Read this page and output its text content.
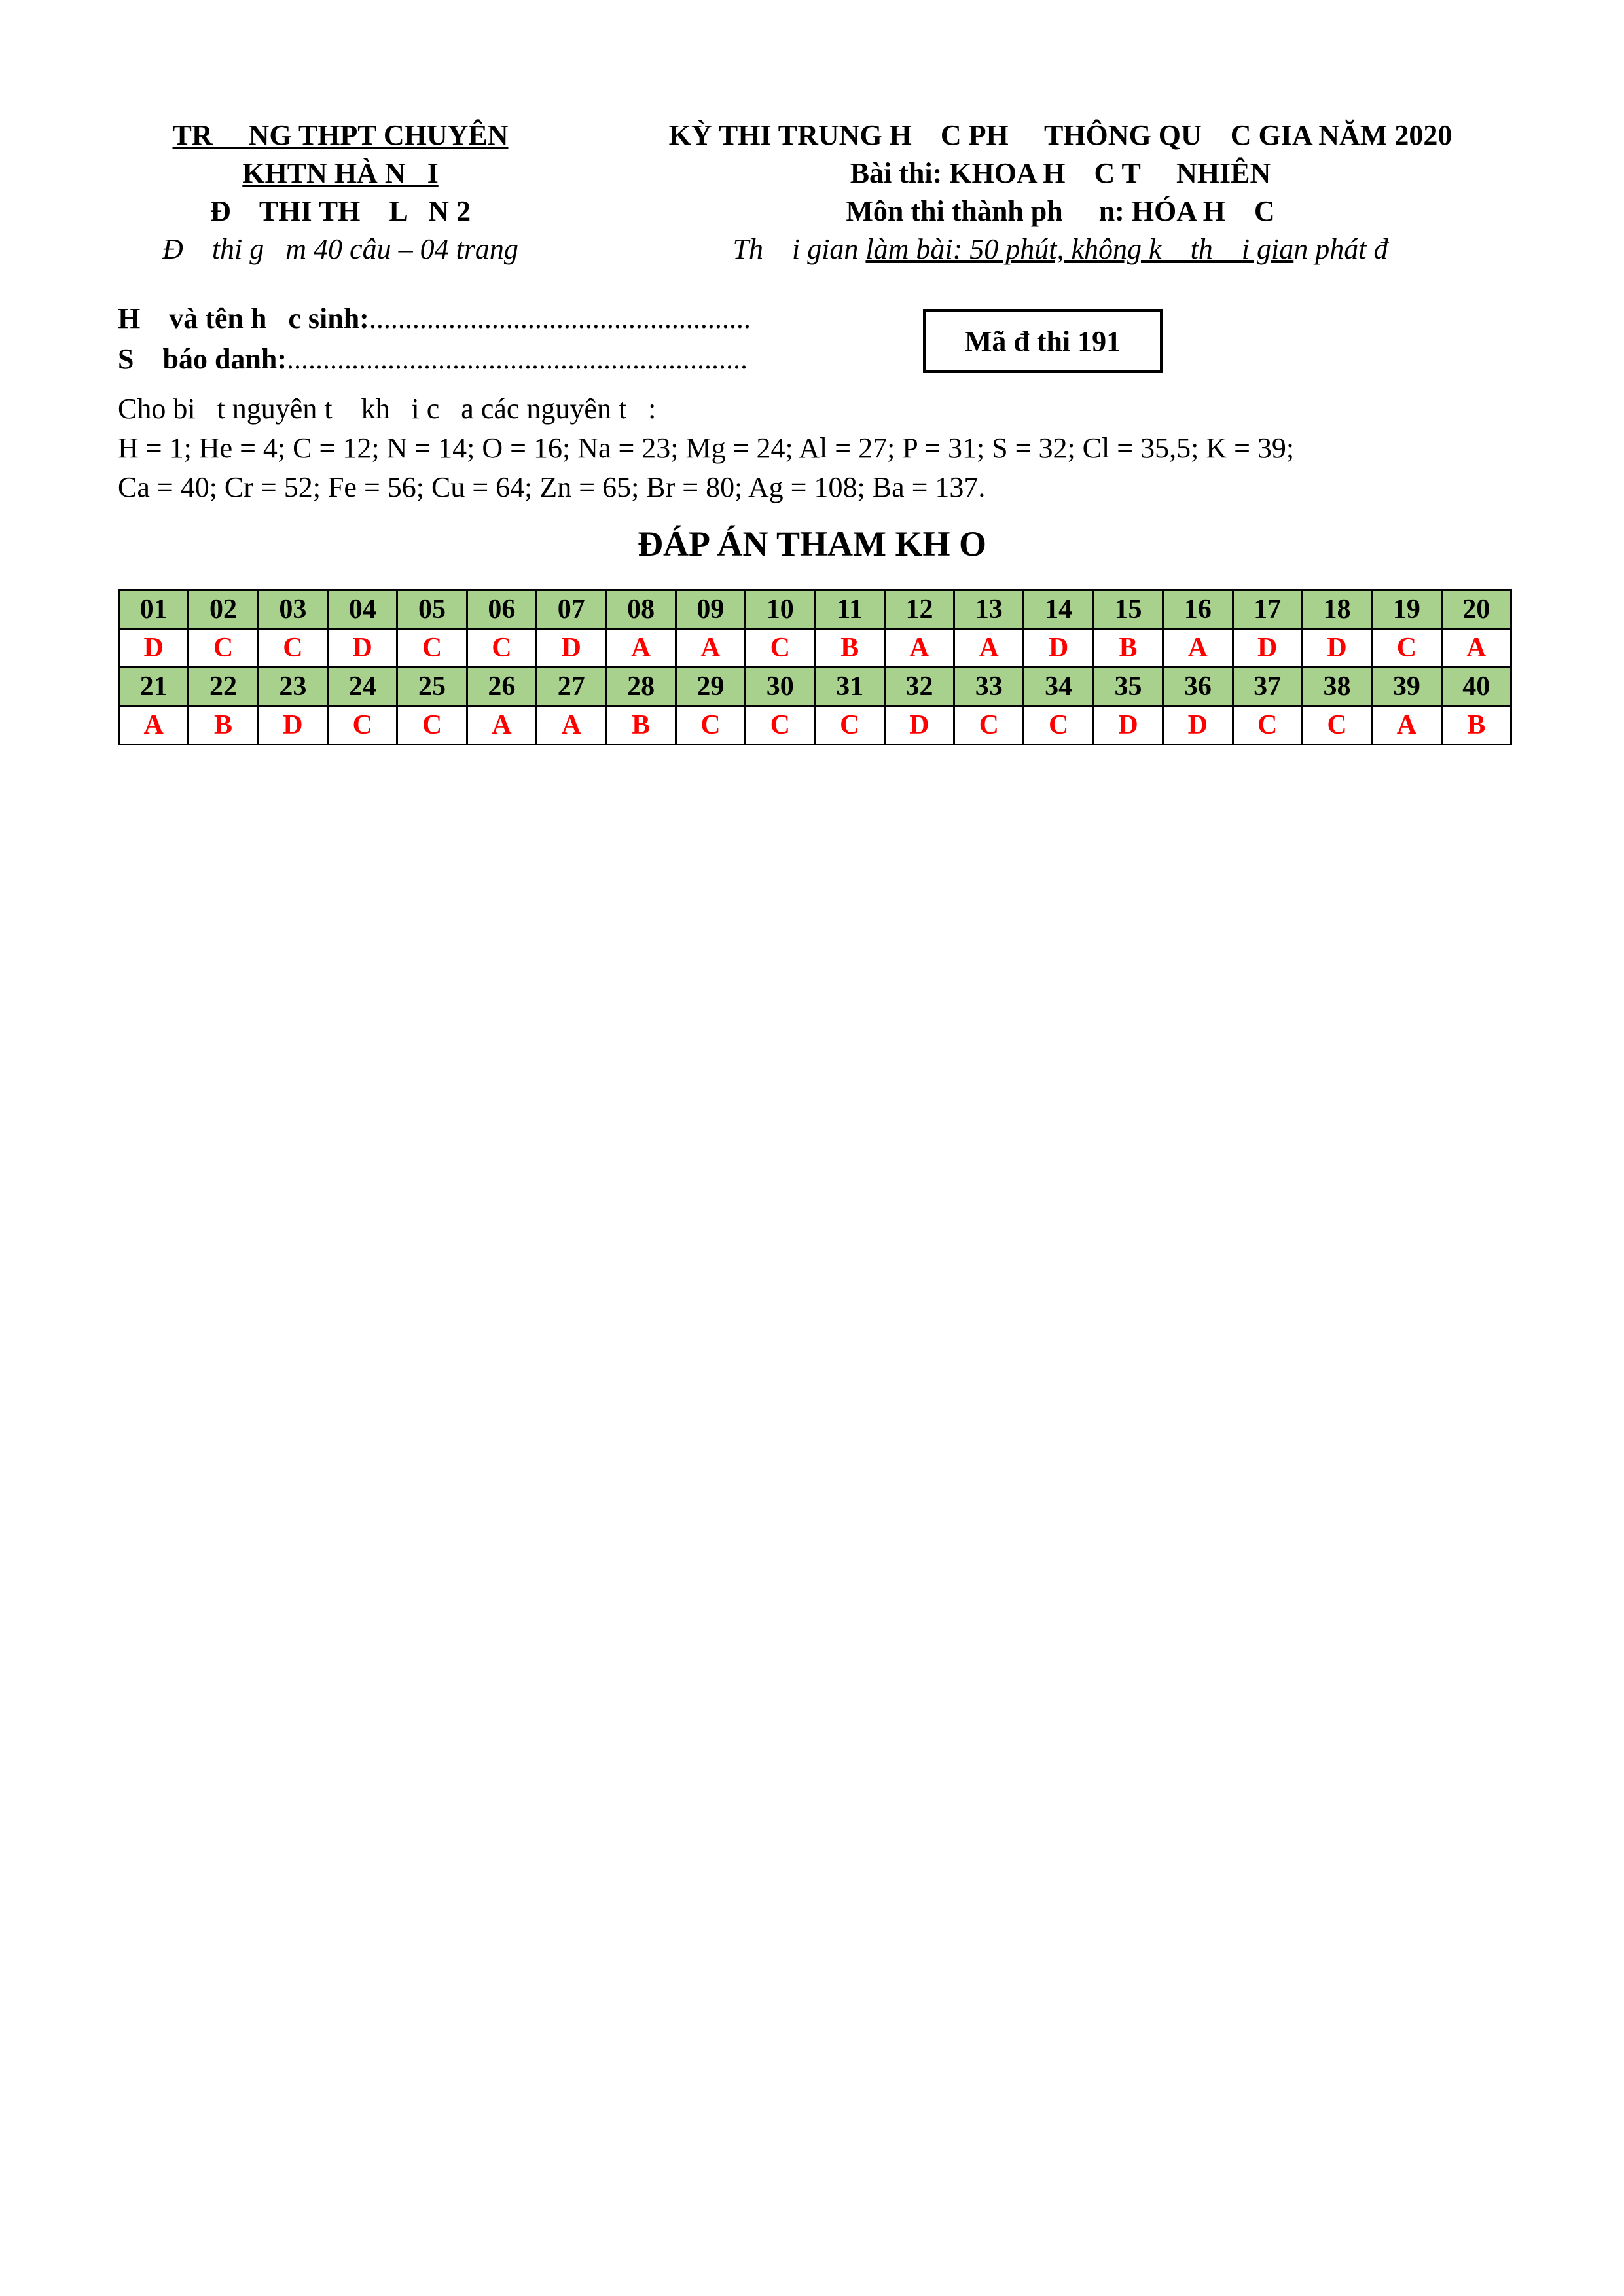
TR     NG THPT CHUYÊN
KHTN HÀ N   I
Đ    THI TH    L   N 2
Đ    thi g   m 40 câu – 04 trang
KỲ THI TRUNG H    C PH     THÔNG QU    C GIA NĂM 2020
Bài thi: KHOA H    C T     NHIÊN
Môn thi thành ph     n: HÓA H    C
Th    i gian làm bài: 50 phút, không k    th    i gian phát đ
H    và tên h   c sinh:.....................................................
S    báo danh:................................................................
Mã đ thi 191
Cho bi   t nguyên t    kh   i c   a các nguyên t   :
H = 1; He = 4; C = 12; N = 14; O = 16; Na = 23; Mg = 24; Al = 27; P = 31; S = 32; Cl = 35,5; K = 39;
Ca = 40; Cr = 52; Fe = 56; Cu = 64; Zn = 65; Br = 80; Ag = 108; Ba = 137.
ĐÁP ÁN THAM KH O
01	02	03	04	05	06	07	08	09	10	11	12	13	14	15	16	17	18	19	20
D	C	C	D	C	C	D	A	A	C	B	A	A	D	B	A	D	D	C	A
21	22	23	24	25	26	27	28	29	30	31	32	33	34	35	36	37	38	39	40
A	B	D	C	C	A	A	B	C	C	C	D	C	C	D	D	C	C	A	B
